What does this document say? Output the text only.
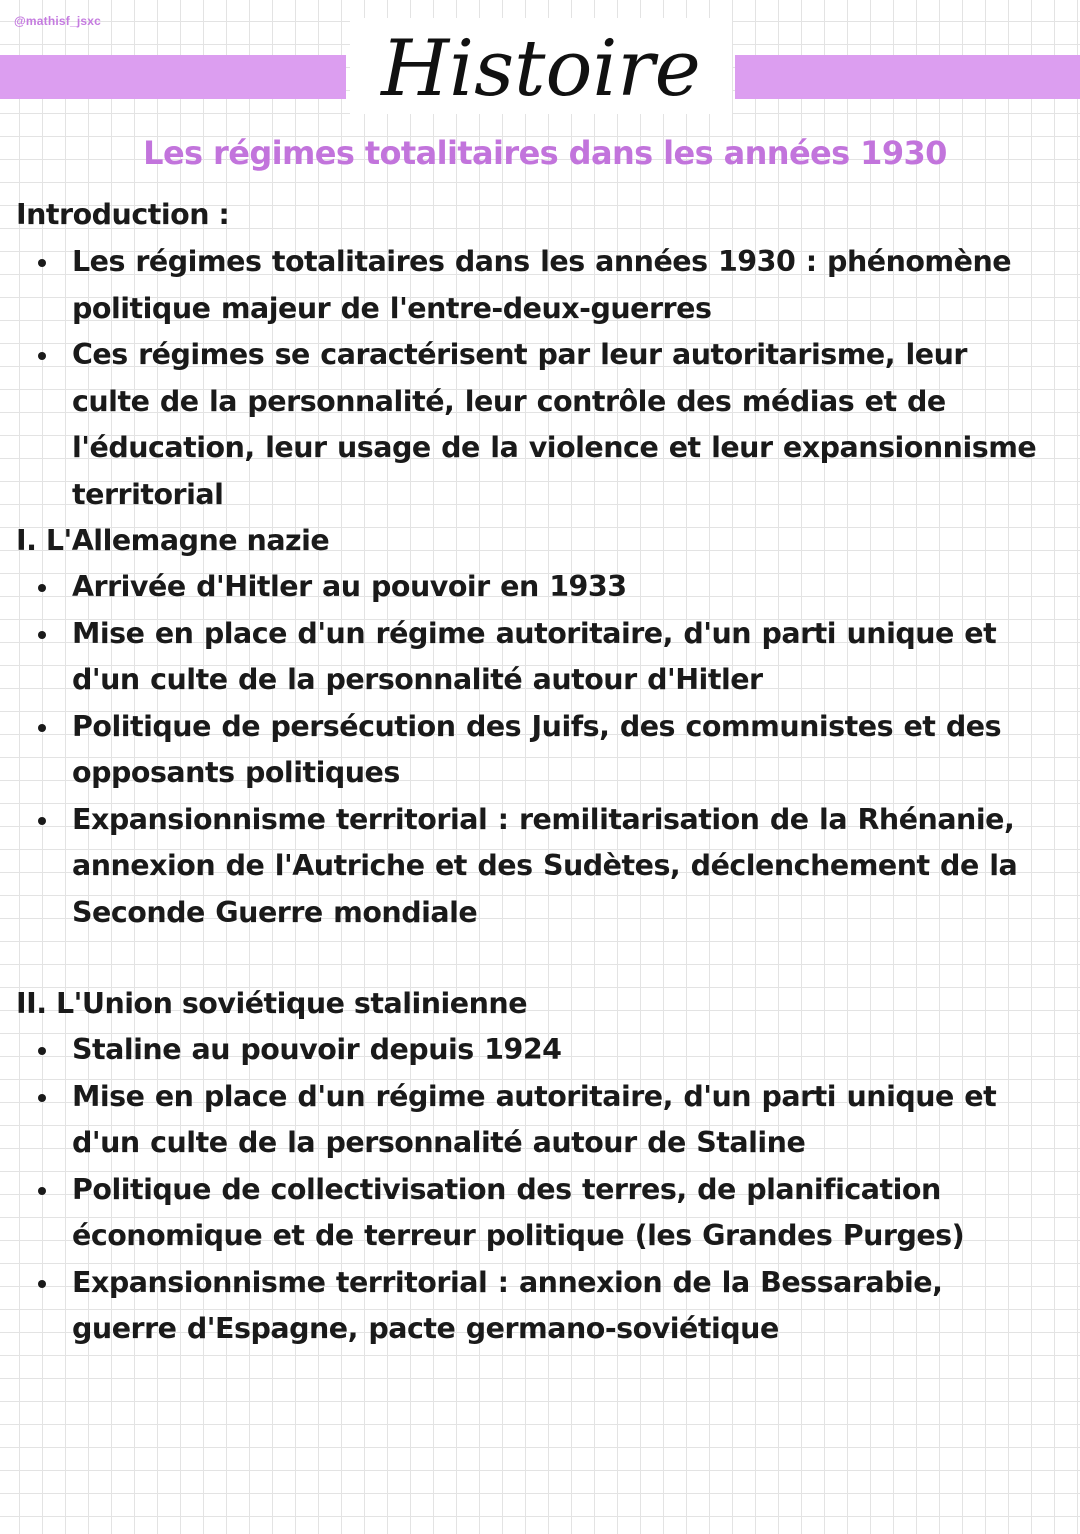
@mathisf_jsxc
Histoire
Les régimes totalitaires dans les années 1930
Introduction :
Les régimes totalitaires dans les années 1930 : phénomène politique majeur de l'entre-deux-guerres
Ces régimes se caractérisent par leur autoritarisme, leur culte de la personnalité, leur contrôle des médias et de l'éducation, leur usage de la violence et leur expansionnisme territorial
I. L'Allemagne nazie
Arrivée d'Hitler au pouvoir en 1933
Mise en place d'un régime autoritaire, d'un parti unique et d'un culte de la personnalité autour d'Hitler
Politique de persécution des Juifs, des communistes et des opposants politiques
Expansionnisme territorial : remilitarisation de la Rhénanie, annexion de l'Autriche et des Sudètes, déclenchement de la Seconde Guerre mondiale
II. L'Union soviétique stalinienne
Staline au pouvoir depuis 1924
Mise en place d'un régime autoritaire, d'un parti unique et d'un culte de la personnalité autour de Staline
Politique de collectivisation des terres, de planification économique et de terreur politique (les Grandes Purges)
Expansionnisme territorial : annexion de la Bessarabie, guerre d'Espagne, pacte germano-soviétique
